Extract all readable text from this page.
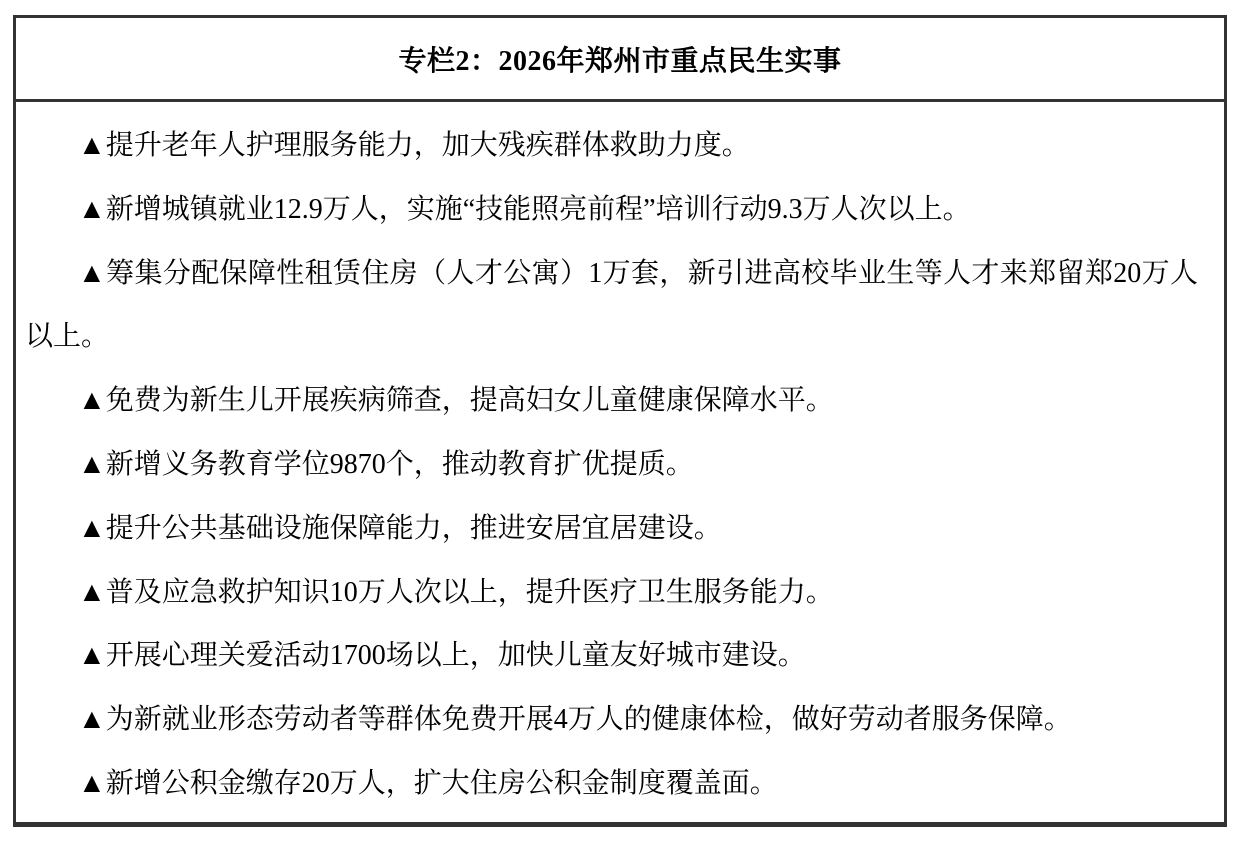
专栏2：2026年郑州市重点民生实事

▲提升老年人护理服务能力，加大残疾群体救助力度。

▲新增城镇就业12.9万人，实施“技能照亮前程”培训行动9.3万人次以上。

▲筹集分配保障性租赁住房（人才公寓）1万套，新引进高校毕业生等人才来郑留郑20万人以上。

▲免费为新生儿开展疾病筛查，提高妇女儿童健康保障水平。

▲新增义务教育学位9870个，推动教育扩优提质。

▲提升公共基础设施保障能力，推进安居宜居建设。

▲普及应急救护知识10万人次以上，提升医疗卫生服务能力。

▲开展心理关爱活动1700场以上，加快儿童友好城市建设。

▲为新就业形态劳动者等群体免费开展4万人的健康体检，做好劳动者服务保障。

▲新增公积金缴存20万人，扩大住房公积金制度覆盖面。
